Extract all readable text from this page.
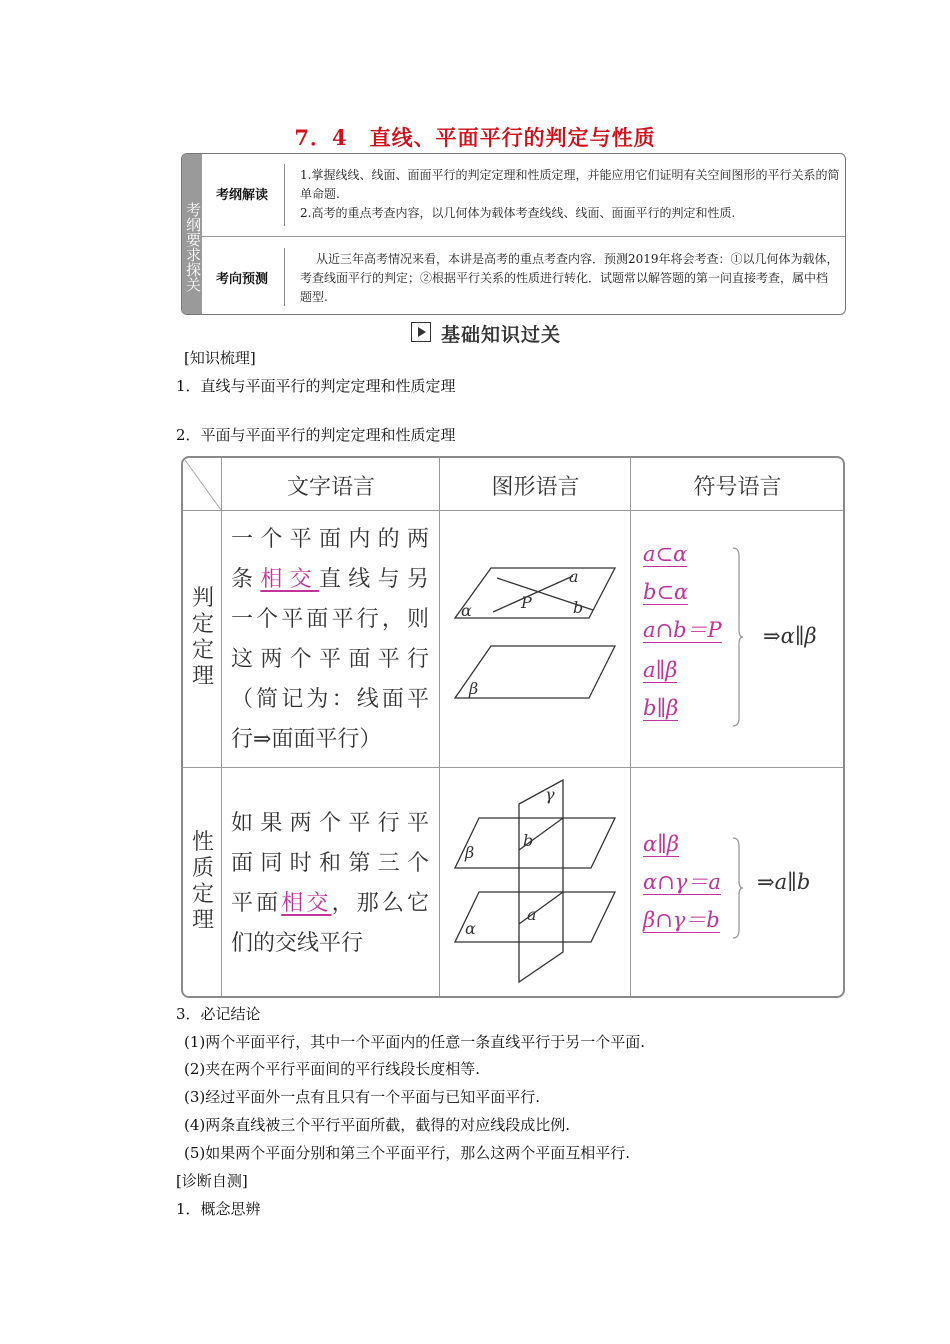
7．4　直线、平面平行的判定与性质
考纲要求探关
考纲解读
1.掌握线线、线面、面面平行的判定定理和性质定理，并能应用它们证明有关空间图形的平行关系的简
单命题.
2.高考的重点考查内容，以几何体为载体考查线线、线面、面面平行的判定和性质.
考向预测
从近三年高考情况来看，本讲是高考的重点考查内容．预测2019年将会考查：①以几何体为载体，
考查线面平行的判定；②根据平行关系的性质进行转化．试题常以解答题的第一问直接考查，属中档
题型.
基础知识过关
[知识梳理]
1．直线与平面平行的判定定理和性质定理
2．平面与平面平行的判定定理和性质定理
文字语言	图形语言	符号语言
判
定
定
理
一个平面内的两
条相交直线与另
一个平面平行，则
这两个平面平行
（简记为：线面平
行⇒面面平行）
a
b
P
α
β
a⊂α
b⊂α
a∩b＝P
a∥β
b∥β
⇒α∥β
性
质
定
理
如果两个平行平
面同时和第三个
平面相交，那么它
们的交线平行
γ
β
b
a
α
α∥β
α∩γ＝a
β∩γ＝b
⇒a∥b
3．必记结论
(1)两个平面平行，其中一个平面内的任意一条直线平行于另一个平面.
(2)夹在两个平行平面间的平行线段长度相等.
(3)经过平面外一点有且只有一个平面与已知平面平行.
(4)两条直线被三个平行平面所截，截得的对应线段成比例.
(5)如果两个平面分别和第三个平面平行，那么这两个平面互相平行.
[诊断自测]
1．概念思辨
